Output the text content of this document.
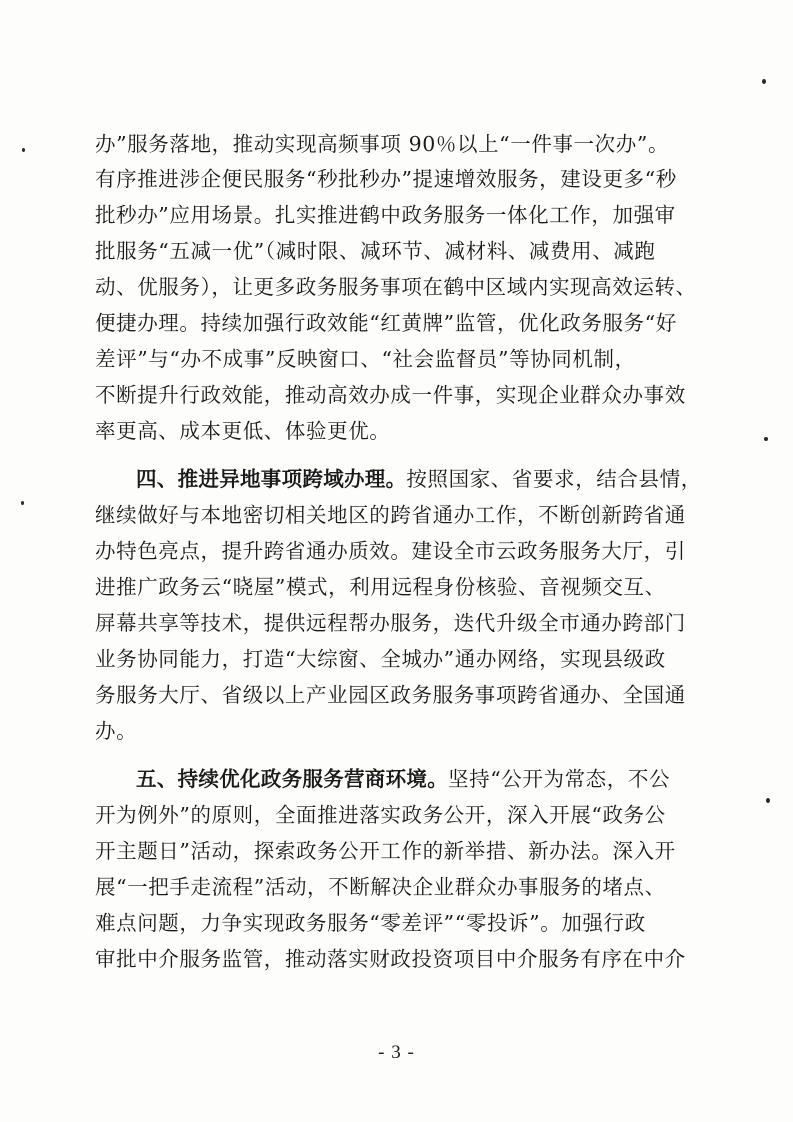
办”服务落地，推动实现高频事项 90％以上“一件事一次办”。
有序推进涉企便民服务“秒批秒办”提速增效服务，建设更多“秒
批秒办”应用场景。扎实推进鹤中政务服务一体化工作，加强审
批服务“五减一优”（减时限、减环节、减材料、减费用、减跑
动、优服务），让更多政务服务事项在鹤中区域内实现高效运转、
便捷办理。持续加强行政效能“红黄牌”监管，优化政务服务“好
差评”与“办不成事”反映窗口、“社会监督员”等协同机制，
不断提升行政效能，推动高效办成一件事，实现企业群众办事效
率更高、成本更低、体验更优。
四、推进异地事项跨域办理。按照国家、省要求，结合县情，
继续做好与本地密切相关地区的跨省通办工作，不断创新跨省通
办特色亮点，提升跨省通办质效。建设全市云政务服务大厅，引
进推广政务云“晓屋”模式，利用远程身份核验、音视频交互、
屏幕共享等技术，提供远程帮办服务，迭代升级全市通办跨部门
业务协同能力，打造“大综窗、全城办”通办网络，实现县级政
务服务大厅、省级以上产业园区政务服务事项跨省通办、全国通
办。
五、持续优化政务服务营商环境。坚持“公开为常态，不公
开为例外”的原则，全面推进落实政务公开，深入开展“政务公
开主题日”活动，探索政务公开工作的新举措、新办法。深入开
展“一把手走流程”活动，不断解决企业群众办事服务的堵点、
难点问题，力争实现政务服务“零差评”“零投诉”。加强行政
审批中介服务监管，推动落实财政投资项目中介服务有序在中介
- 3 -
